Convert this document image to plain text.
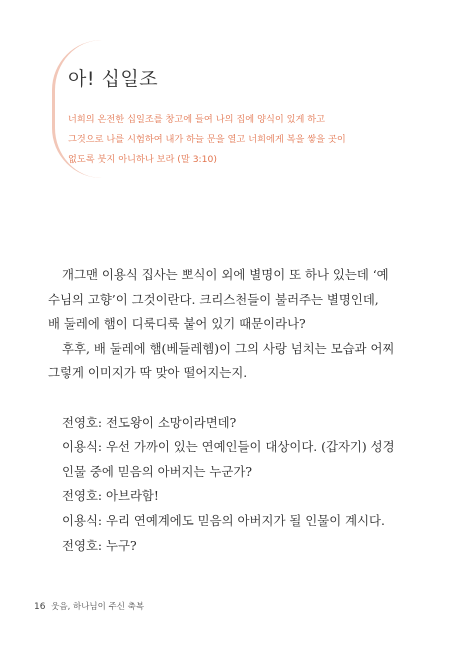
아! 십일조
너희의 온전한 십일조를 창고에 들여 나의 집에 양식이 있게 하고
그것으로 나를 시험하여 내가 하늘 문을 열고 너희에게 복을 쌓을 곳이
없도록 붓지 아니하나 보라 (말 3:10)

개그맨 이용식 집사는 뽀식이 외에 별명이 또 하나 있는데 ‘예

수님의 고향’이 그것이란다. 크리스천들이 불러주는 별명인데,

배 둘레에 햄이 디룩디룩 붙어 있기 때문이라나?

후후, 배 둘레에 햄(베들레헴)이 그의 사랑 넘치는 모습과 어찌

그렇게 이미지가 딱 맞아 떨어지는지.

전영호: 전도왕이 소망이라면데?

이용식: 우선 가까이 있는 연예인들이 대상이다. (갑자기) 성경

인물 중에 믿음의 아버지는 누군가?

전영호: 아브라함!

이용식: 우리 연예계에도 믿음의 아버지가 될 인물이 계시다.

전영호: 누구?

16 웃음, 하나님이 주신 축복
